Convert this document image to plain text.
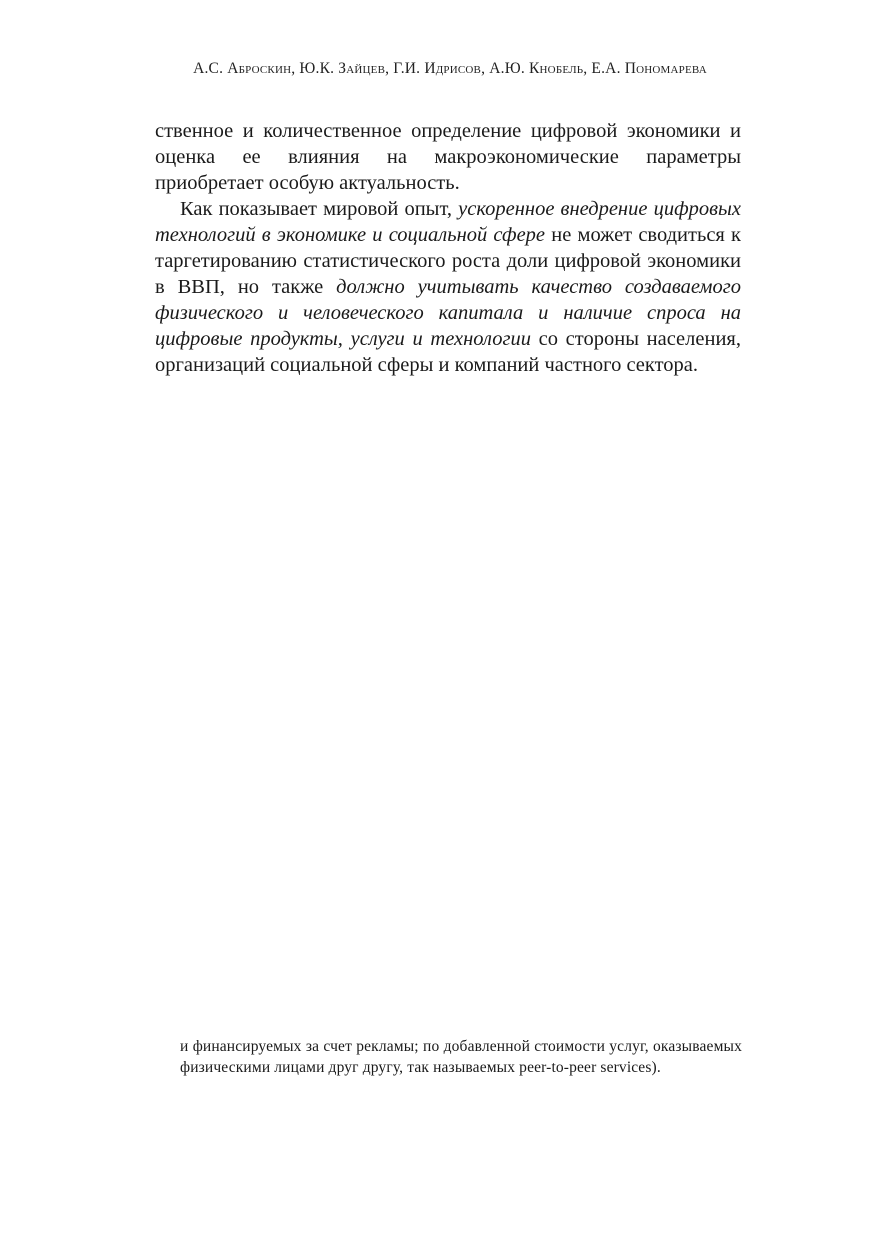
А.С. Аброскин, Ю.К. Зайцев, Г.И. Идрисов, А.Ю. Кнобель, Е.А. Пономарева

ственное и количественное определение цифровой экономики и оценка ее влияния на макроэкономические параметры приобретает особую актуальность.

Как показывает мировой опыт, ускоренное внедрение цифровых технологий в экономике и социальной сфере не может сводиться к таргетированию статистического роста доли цифровой экономики в ВВП, но также должно учитывать качество создаваемого физического и человеческого капитала и наличие спроса на цифровые продукты, услуги и технологии со стороны населения, организаций социальной сферы и компаний частного сектора.

и финансируемых за счет рекламы; по добавленной стоимости услуг, оказываемых физическими лицами друг другу, так называемых peer-to-peer services).
